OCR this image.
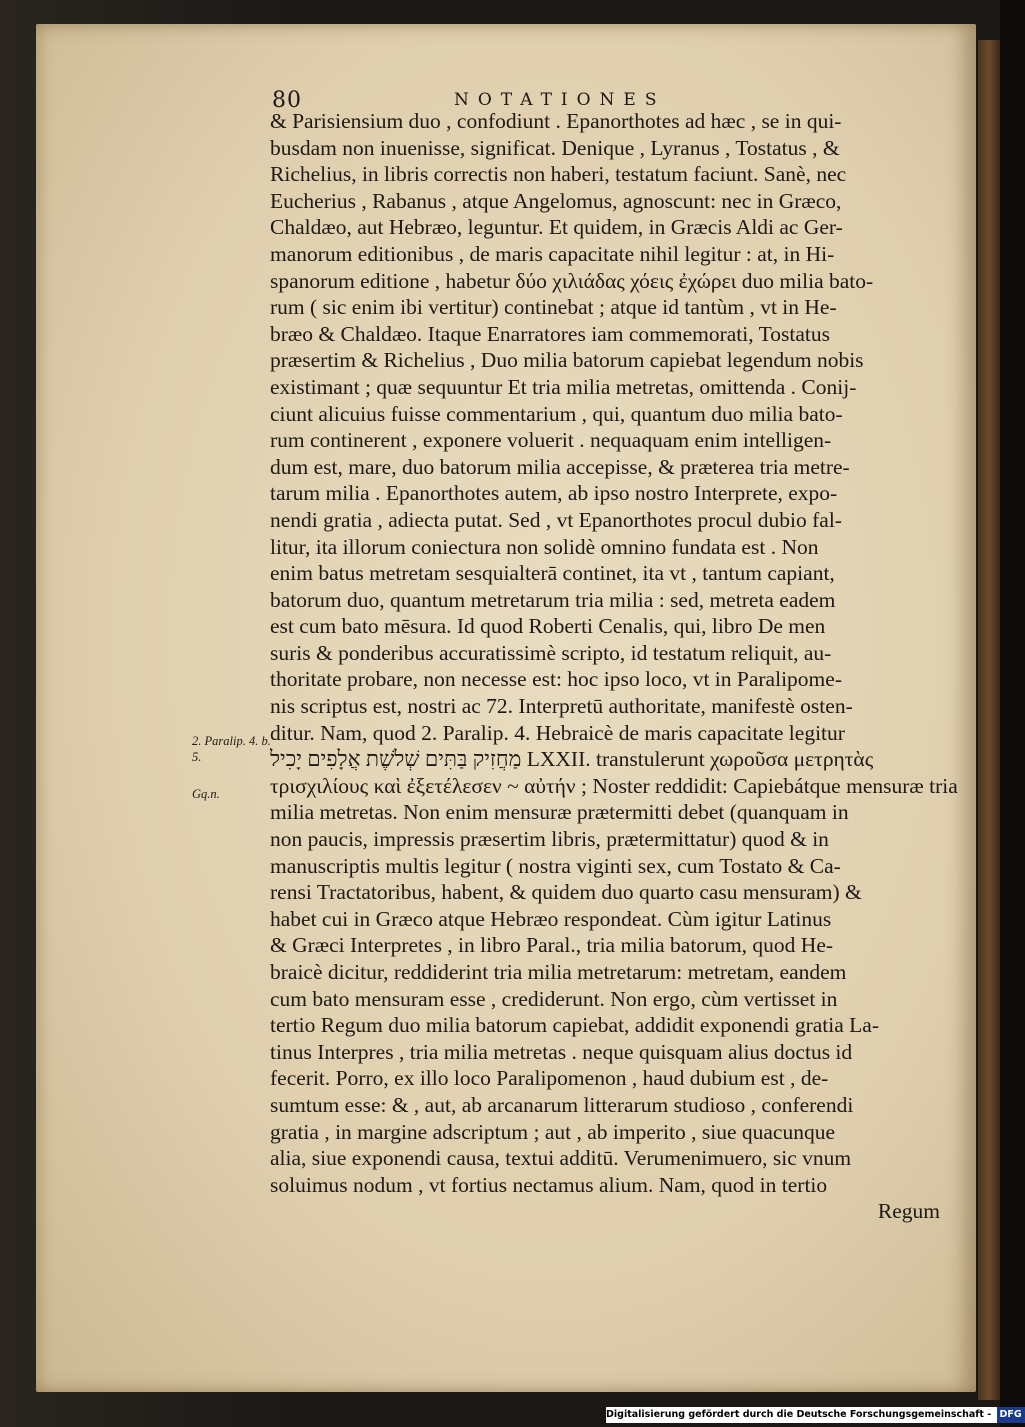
80	NOTATIONES
2. Paralip. 4. b. 5.
Gq.n.
& Parisiensium duo , confodiunt . Epanorthotes ad hæc , se in qui-
busdam non inuenisse, significat. Denique , Lyranus , Tostatus , &
Richelius, in libris correctis non haberi, testatum faciunt. Sanè, nec
Eucherius , Rabanus , atque Angelomus, agnoscunt: nec in Græco,
Chaldæo, aut Hebræo, leguntur. Et quidem, in Græcis Aldi ac Ger-
manorum editionibus , de maris capacitate nihil legitur : at, in Hi-
spanorum editione , habetur δύο χιλιάδας χόεις ἐχώρει duo milia bato-
rum ( sic enim ibi vertitur) continebat ; atque id tantùm , vt in He-
bræo & Chaldæo. Itaque Enarratores iam commemorati, Tostatus
præsertim & Richelius , Duo milia batorum capiebat legendum nobis
existimant ; quæ sequuntur Et tria milia metretas, omittenda . Conij-
ciunt alicuius fuisse commentarium , qui, quantum duo milia bato-
rum continerent , exponere voluerit . nequaquam enim intelligen-
dum est, mare, duo batorum milia accepisse, & præterea tria metre-
tarum milia . Epanorthotes autem, ab ipso nostro Interprete, expo-
nendi gratia , adiecta putat. Sed , vt Epanorthotes procul dubio fal-
litur, ita illorum coniectura non solidè omnino fundata est . Non
enim batus metretam sesquialterā continet, ita vt , tantum capiant,
batorum duo, quantum metretarum tria milia : sed, metreta eadem
est cum bato mēsura. Id quod Roberti Cenalis, qui, libro De men
suris & ponderibus accuratissimè scripto, id testatum reliquit, au-
thoritate probare, non necesse est: hoc ipso loco, vt in Paralipome-
nis scriptus est, nostri ac 72. Interpretū authoritate, manifestè osten-
ditur. Nam, quod 2. Paralip. 4. Hebraicè de maris capacitate legitur
מַחֲזִיק בַּתִּים שְׁלֹשֶׁת אֲלָפִים יָכִיל LXXII. transtulerunt χωροῦσα μετρητὰς
τρισχιλίους καὶ ἐξετέλεσεν ~ αὐτήν ; Noster reddidit: Capiebátque mensuræ tria
milia metretas. Non enim mensuræ prætermitti debet (quanquam in
non paucis, impressis præsertim libris, prætermittatur) quod & in
manuscriptis multis legitur ( nostra viginti sex, cum Tostato & Ca-
rensi Tractatoribus, habent, & quidem duo quarto casu mensuram) &
habet cui in Græco atque Hebræo respondeat. Cùm igitur Latinus
& Græci Interpretes , in libro Paral., tria milia batorum, quod He-
braicè dicitur, reddiderint tria milia metretarum: metretam, eandem
cum bato mensuram esse , crediderunt. Non ergo, cùm vertisset in
tertio Regum duo milia batorum capiebat, addidit exponendi gratia La-
tinus Interpres , tria milia metretas . neque quisquam alius doctus id
fecerit. Porro, ex illo loco Paralipomenon , haud dubium est , de-
sumtum esse: & , aut, ab arcanarum litterarum studioso , conferendi
gratia , in margine adscriptum ; aut , ab imperito , siue quacunque
alia, siue exponendi causa, textui additū. Verumenimuero, sic vnum
soluimus nodum , vt fortius nectamus alium. Nam, quod in tertio
Regum
Digitalisierung gefördert durch die Deutsche Forschungsgemeinschaft - DFG
